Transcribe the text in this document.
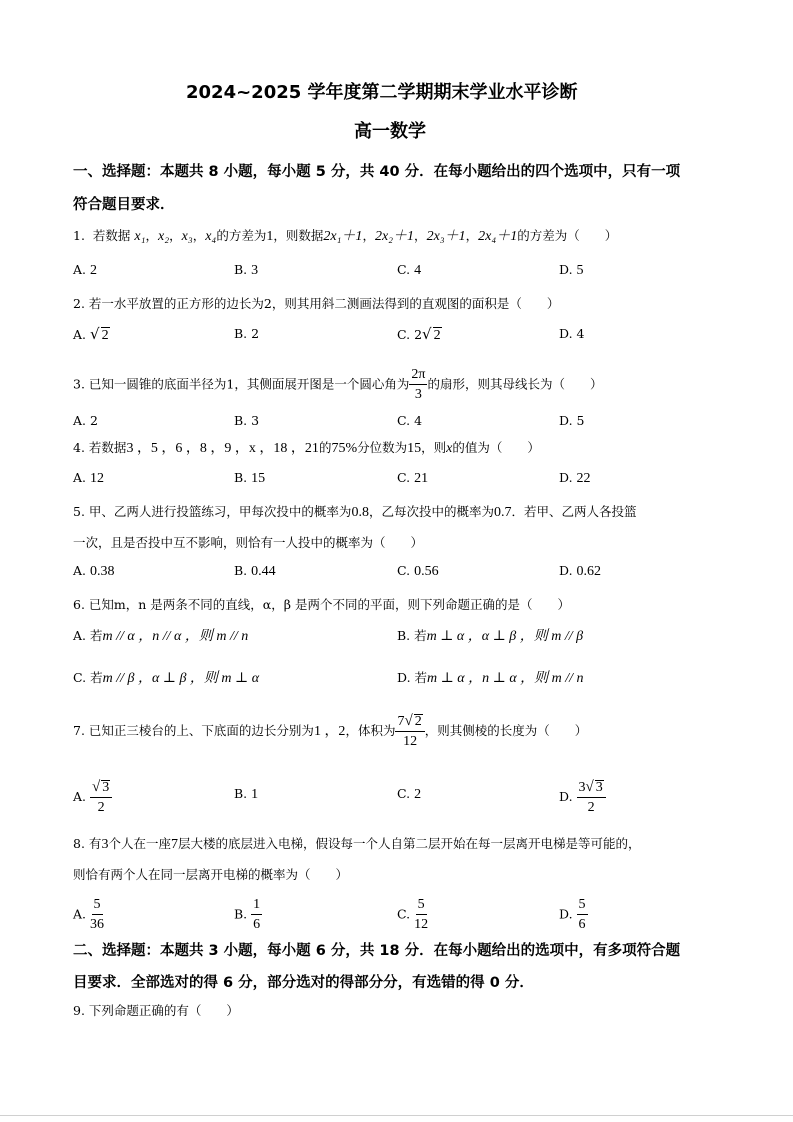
2024~2025 学年度第二学期期末学业水平诊断
高一数学
一、选择题：本题共 8 小题，每小题 5 分，共 40 分．在每小题给出的四个选项中，只有一项
符合题目要求．
1. 若数据 x₁，x₂，x₃，x₄的方差为1，则数据2x₁＋1，2x₂＋1，2x₃＋1，2x₄＋1的方差为（　　）
A. 2	B. 3	C. 4	D. 5
2. 若一水平放置的正方形的边长为2，则其用斜二测画法得到的直观图的面积是（　　）
A. √ 2	B. 2	C. 2√ 2	D. 4
3. 已知一圆锥的底面半径为1，其侧面展开图是一个圆心角为 $\frac{2\pi}{3}$ 的扇形，则其母线长为（　　）
A. 2	B. 3	C. 4	D. 5
4. 若数据3 ，5 ，6 ，8 ，9 ，x ，18 ，21的75%分位数为15，则x的值为（　　）
A. 12	B. 15	C. 21	D. 22
5. 甲、乙两人进行投篮练习，甲每次投中的概率为0.8，乙每次投中的概率为0.7．若甲、乙两人各投篮
一次，且是否投中互不影响，则恰有一人投中的概率为（　　）
A. 0.38	B. 0.44	C. 0.56	D. 0.62
6. 已知m，n 是两条不同的直线，α，β 是两个不同的平面，则下列命题正确的是（　　）
A. 若m // α ，n // α ，则 m // n	B. 若m ⊥ α ，α ⊥ β ，则 m // β
C. 若m // β ，α ⊥ β ，则 m ⊥ α	D. 若m ⊥ α ，n ⊥ α ，则 m // n
7. 已知正三棱台的上、下底面的边长分别为1 ，2，体积为 $\frac{7√ 2}{12}$ ，则其侧棱的长度为（　　）
A. $\frac{√ 3}{2}$	B. 1	C. 2	D. $\frac{3√ 3}{2}$
8. 有3个人在一座7层大楼的底层进入电梯，假设每一个人自第二层开始在每一层离开电梯是等可能的，
则恰有两个人在同一层离开电梯的概率为（　　）
A. $\frac{5}{36}$	B. $\frac{1}{6}$	C. $\frac{5}{12}$	D. $\frac{5}{6}$
二、选择题：本题共 3 小题，每小题 6 分，共 18 分．在每小题给出的选项中，有多项符合题
目要求．全部选对的得 6 分，部分选对的得部分分，有选错的得 0 分．
9. 下列命题正确的有（　　）
